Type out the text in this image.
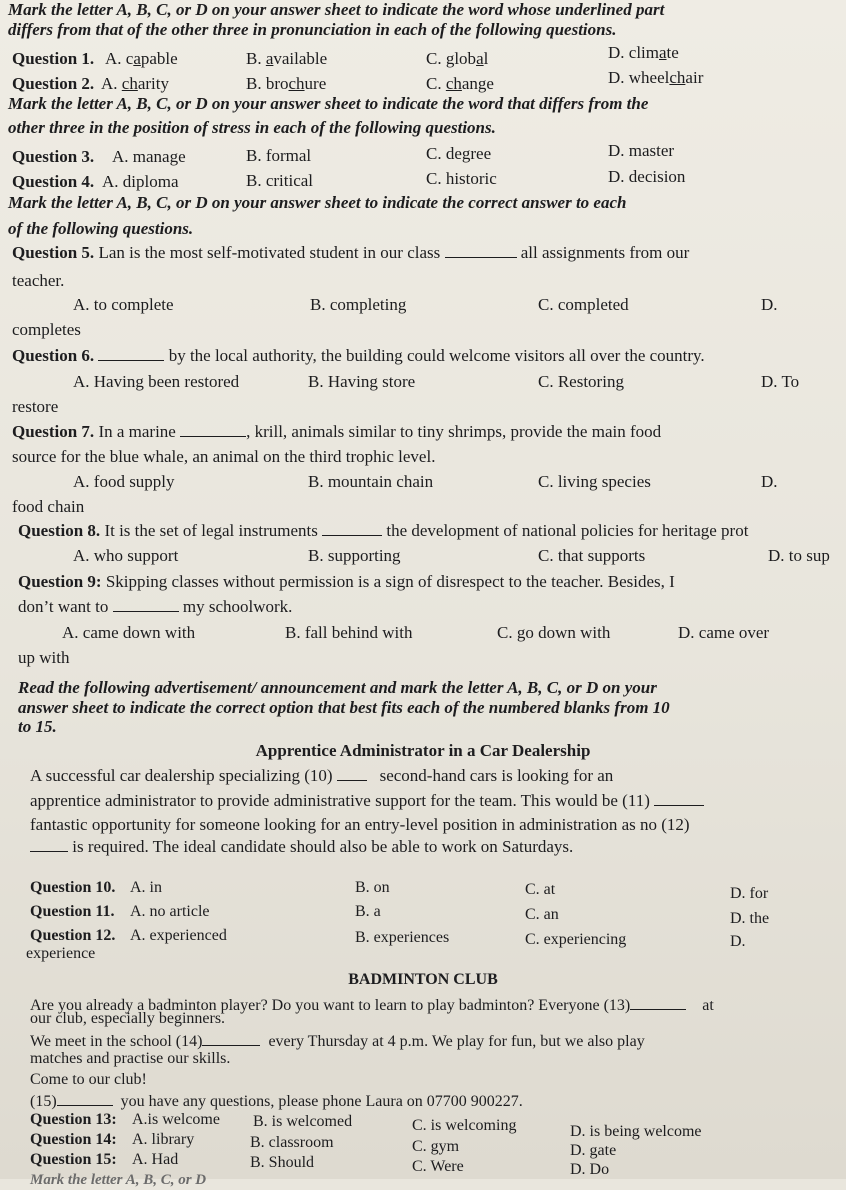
Mark the letter A, B, C, or D on your answer sheet to indicate the word whose underlined part
differs from that of the other three in pronunciation in each of the following questions.
Question 1. A. capable	B. available	C. global	D. climate
Question 2. A. charity	B. brochure	C. change	D. wheelchair
Mark the letter A, B, C, or D on your answer sheet to indicate the word that differs from the
other three in the position of stress in each of the following questions.
Question 3. A. manage	B. formal	C. degree	D. master
Question 4. A. diploma	B. critical	C. historic	D. decision
Mark the letter A, B, C, or D on your answer sheet to indicate the correct answer to each
of the following questions.
Question 5. Lan is the most self-motivated student in our class	all assignments from our
teacher.
A. to complete	B. completing	C. completed	D.
completes
Question 6.	by the local authority, the building could welcome visitors all over the country.
A. Having been restored	B. Having store	C. Restoring	D. To
restore
Question 7. In a marine	, krill, animals similar to tiny shrimps, provide the main food
source for the blue whale, an animal on the third trophic level.
A. food supply	B. mountain chain	C. living species	D.
food chain
Question 8. It is the set of legal instruments	the development of national policies for heritage prot
A. who support	B. supporting	C. that supports	D. to sup
Question 9: Skipping classes without permission is a sign of disrespect to the teacher. Besides, I
don’t want to	my schoolwork.
A. came down with	B. fall behind with	C. go down with	D. came over
up with
Read the following advertisement/ announcement and mark the letter A, B, C, or D on your
answer sheet to indicate the correct option that best fits each of the numbered blanks from 10
to 15.
Apprentice Administrator in a Car Dealership
A successful car dealership specializing (10)	second-hand cars is looking for an
apprentice administrator to provide administrative support for the team. This would be (11)
fantastic opportunity for someone looking for an entry-level position in administration as no (12)
is required. The ideal candidate should also be able to work on Saturdays.
Question 10. A. in	B. on	C. at	D. for
Question 11. A. no article	B. a	C. an	D. the
Question 12. A. experienced	B. experiences	C. experiencing	D.
experience
BADMINTON CLUB
Are you already a badminton player? Do you want to learn to play badminton? Everyone (13)	at
our club, especially beginners.
We meet in the school (14)	every Thursday at 4 p.m. We play for fun, but we also play
matches and practise our skills.
Come to our club!
(15)	you have any questions, please phone Laura on 07700 900227.
Question 13: A.is welcome B. is welcomed	C. is welcoming	D. is being welcome
Question 14: A. library	B. classroom	C. gym	D. gate
Question 15: A. Had	B. Should	C. Were	D. Do
Mark the letter A, B, C, or D
